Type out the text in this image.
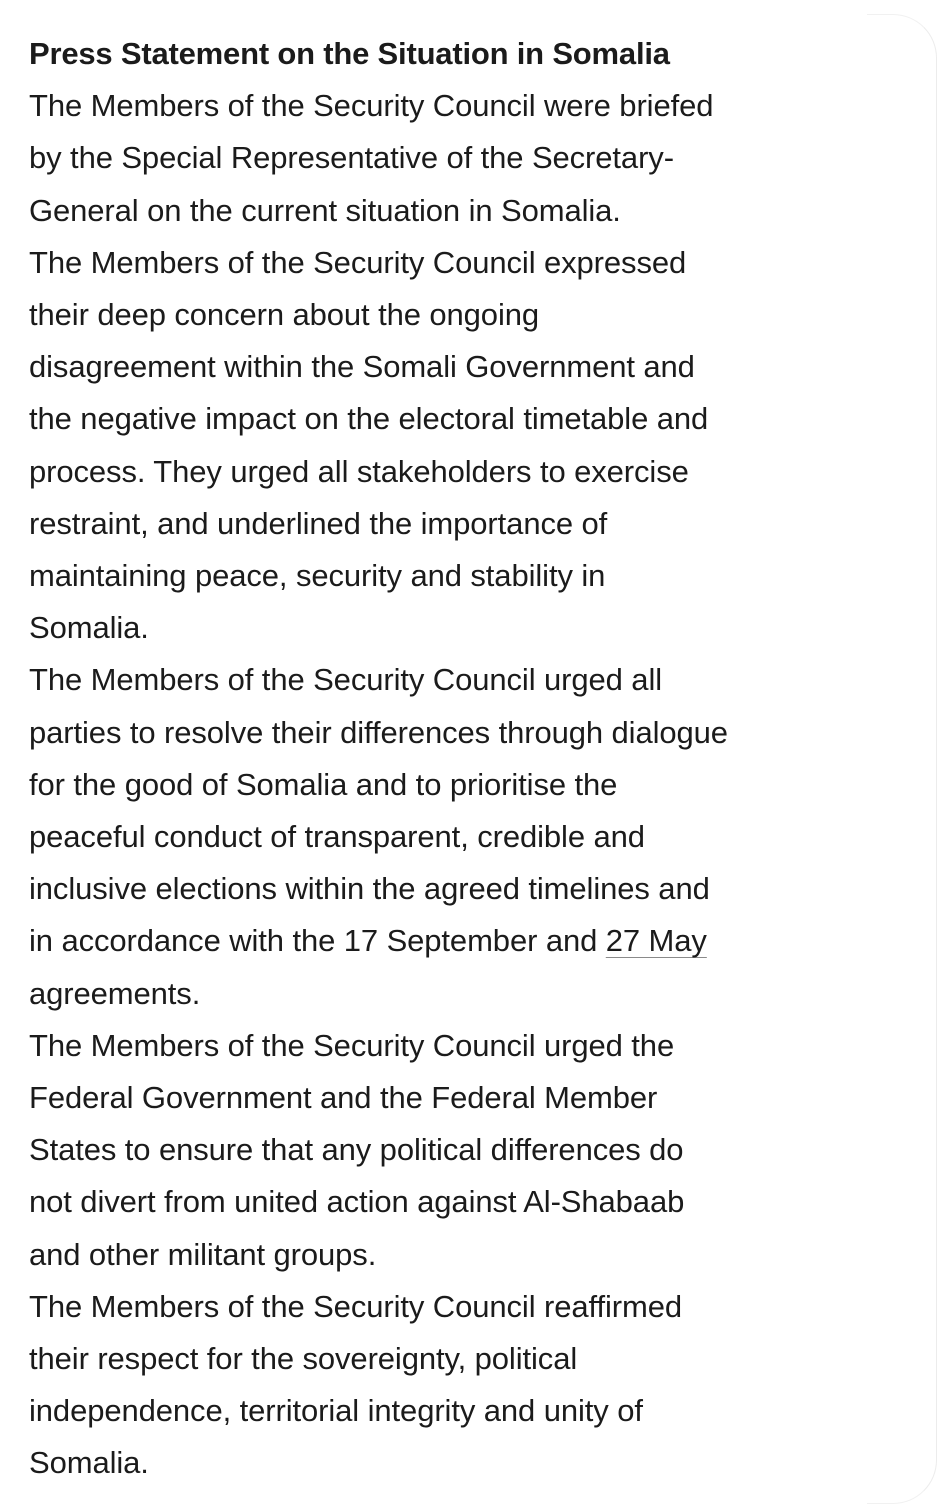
Press Statement on the Situation in Somalia
The Members of the Security Council were briefed
by the Special Representative of the Secretary-
General on the current situation in Somalia.
The Members of the Security Council expressed
their deep concern about the ongoing
disagreement within the Somali Government and
the negative impact on the electoral timetable and
process. They urged all stakeholders to exercise
restraint, and underlined the importance of
maintaining peace, security and stability in
Somalia.
The Members of the Security Council urged all
parties to resolve their differences through dialogue
for the good of Somalia and to prioritise the
peaceful conduct of transparent, credible and
inclusive elections within the agreed timelines and
in accordance with the 17 September and 27 May
agreements.
The Members of the Security Council urged the
Federal Government and the Federal Member
States to ensure that any political differences do
not divert from united action against Al-Shabaab
and other militant groups.
The Members of the Security Council reaffirmed
their respect for the sovereignty, political
independence, territorial integrity and unity of
Somalia.
